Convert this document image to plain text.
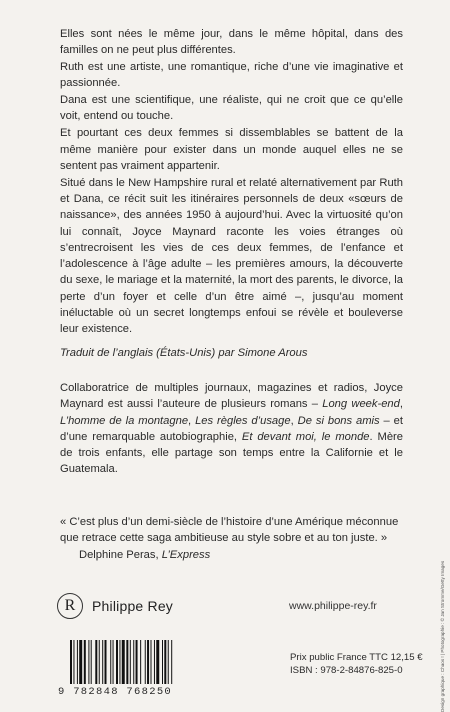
Elles sont nées le même jour, dans le même hôpital, dans des familles on ne peut plus différentes.

Ruth est une artiste, une romantique, riche d’une vie imaginative et passionnée.

Dana est une scientifique, une réaliste, qui ne croit que ce qu’elle voit, entend ou touche.

Et pourtant ces deux femmes si dissemblables se battent de la même manière pour exister dans un monde auquel elles ne se sentent pas vraiment appartenir.

Situé dans le New Hampshire rural et relaté alternativement par Ruth et Dana, ce récit suit les itinéraires personnels de deux «sœurs de naissance», des années 1950 à aujourd’hui. Avec la virtuosité qu’on lui connaît, Joyce Maynard raconte les voies étranges où s’entrecroisent les vies de ces deux femmes, de l’enfance et l’adolescence à l’âge adulte – les premières amours, la découverte du sexe, le mariage et la maternité, la mort des parents, le divorce, la perte d’un foyer et celle d’un être aimé –, jusqu’au moment inéluctable où un secret longtemps enfoui se révèle et bouleverse leur existence.

Traduit de l’anglais (États-Unis) par Simone Arous
Collaboratrice de multiples journaux, magazines et radios, Joyce Maynard est aussi l’auteure de plusieurs romans – Long week-end, L’homme de la montagne, Les règles d’usage, De si bons amis – et d’une remarquable autobiographie, Et devant moi, le monde. Mère de trois enfants, elle partage son temps entre la Californie et le Guatemala.

« C’est plus d’un demi-siècle de l’histoire d’une Amérique méconnue que retrace cette saga ambitieuse au style sobre et au ton juste. »

Delphine Peras, L’Express

R	Philippe Rey	www.philippe-rey.fr
9 782848 768250
Prix public France TTC 12,15 €
ISBN : 978-2-84876-825-0	Design graphique : Chaos ! | Photographie : © Jan Stromme/Getty Images
